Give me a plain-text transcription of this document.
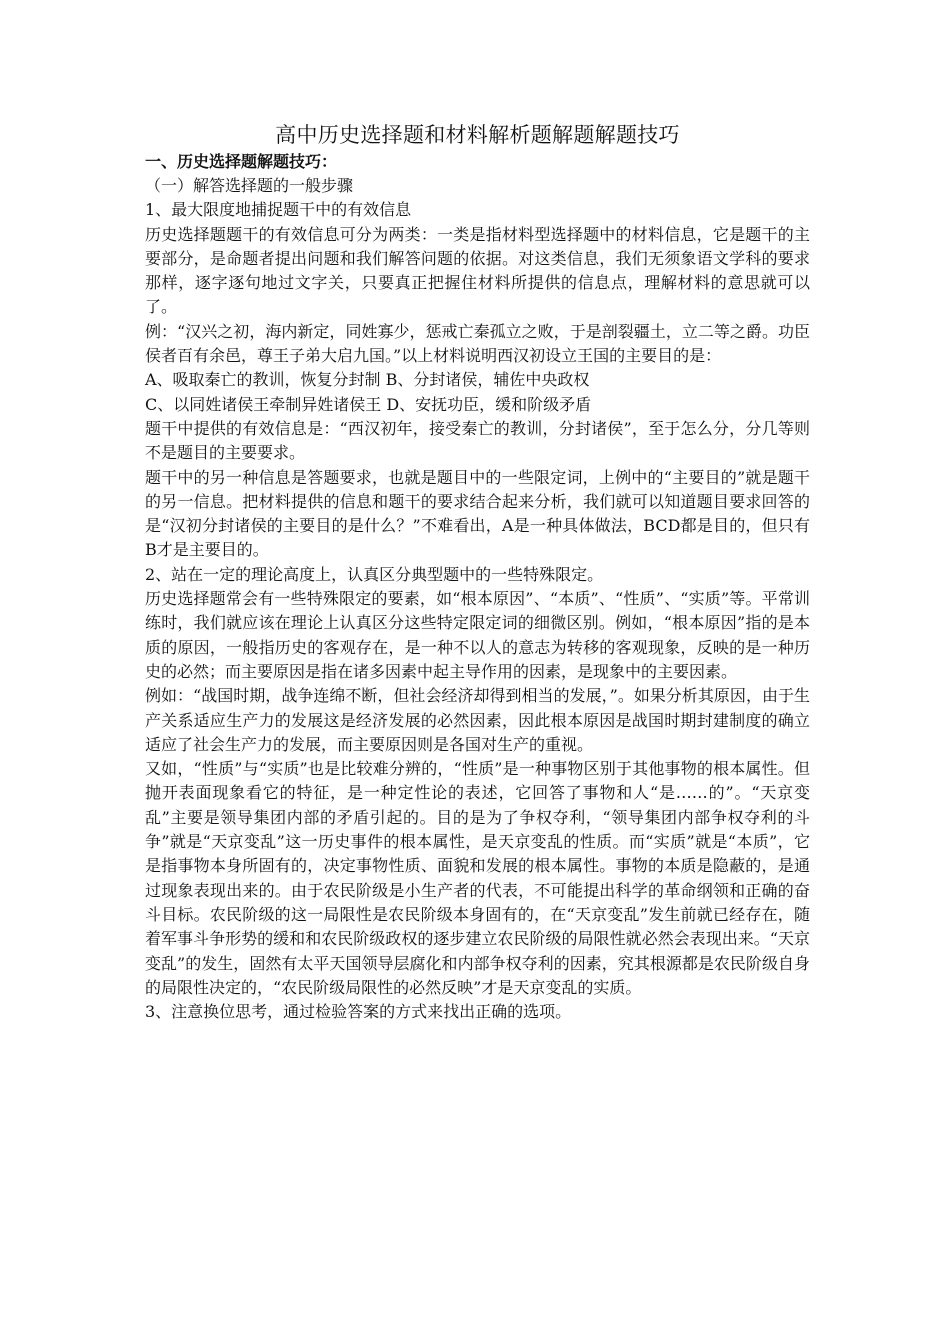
高中历史选择题和材料解析题解题解题技巧

一、历史选择题解题技巧：

（一）解答选择题的一般步骤

1、最大限度地捕捉题干中的有效信息

历史选择题题干的有效信息可分为两类：一类是指材料型选择题中的材料信息，它是题干的主要部分，是命题者提出问题和我们解答问题的依据。对这类信息，我们无须象语文学科的要求那样，逐字逐句地过文字关，只要真正把握住材料所提供的信息点，理解材料的意思就可以了。

例：“汉兴之初，海内新定，同姓寡少，惩戒亡秦孤立之败，于是剖裂疆土，立二等之爵。功臣侯者百有余邑，尊王子弟大启九国。”以上材料说明西汉初设立王国的主要目的是：

A、吸取秦亡的教训，恢复分封制 B、分封诸侯，辅佐中央政权

C、以同姓诸侯王牵制异姓诸侯王 D、安抚功臣，缓和阶级矛盾

题干中提供的有效信息是：“西汉初年，接受秦亡的教训，分封诸侯”，至于怎么分，分几等则不是题目的主要要求。

题干中的另一种信息是答题要求，也就是题目中的一些限定词，上例中的“主要目的”就是题干的另一信息。把材料提供的信息和题干的要求结合起来分析，我们就可以知道题目要求回答的是“汉初分封诸侯的主要目的是什么？”不难看出，A是一种具体做法，BCD都是目的，但只有B才是主要目的。

2、站在一定的理论高度上，认真区分典型题中的一些特殊限定。

历史选择题常会有一些特殊限定的要素，如“根本原因”、“本质”、“性质”、“实质”等。平常训练时，我们就应该在理论上认真区分这些特定限定词的细微区别。例如，“根本原因”指的是本质的原因，一般指历史的客观存在，是一种不以人的意志为转移的客观现象，反映的是一种历史的必然；而主要原因是指在诸多因素中起主导作用的因素，是现象中的主要因素。

例如：“战国时期，战争连绵不断，但社会经济却得到相当的发展，”。如果分析其原因，由于生产关系适应生产力的发展这是经济发展的必然因素，因此根本原因是战国时期封建制度的确立适应了社会生产力的发展，而主要原因则是各国对生产的重视。

又如，“性质”与“实质”也是比较难分辨的，“性质”是一种事物区别于其他事物的根本属性。但抛开表面现象看它的特征，是一种定性论的表述，它回答了事物和人“是……的”。“天京变乱”主要是领导集团内部的矛盾引起的。目的是为了争权夺利，“领导集团内部争权夺利的斗争”就是“天京变乱”这一历史事件的根本属性，是天京变乱的性质。而“实质”就是“本质”，它是指事物本身所固有的，决定事物性质、面貌和发展的根本属性。事物的本质是隐蔽的，是通过现象表现出来的。由于农民阶级是小生产者的代表，不可能提出科学的革命纲领和正确的奋斗目标。农民阶级的这一局限性是农民阶级本身固有的，在“天京变乱”发生前就已经存在，随着军事斗争形势的缓和和农民阶级政权的逐步建立农民阶级的局限性就必然会表现出来。“天京变乱”的发生，固然有太平天国领导层腐化和内部争权夺利的因素，究其根源都是农民阶级自身的局限性决定的，“农民阶级局限性的必然反映”才是天京变乱的实质。

3、注意换位思考，通过检验答案的方式来找出正确的选项。
